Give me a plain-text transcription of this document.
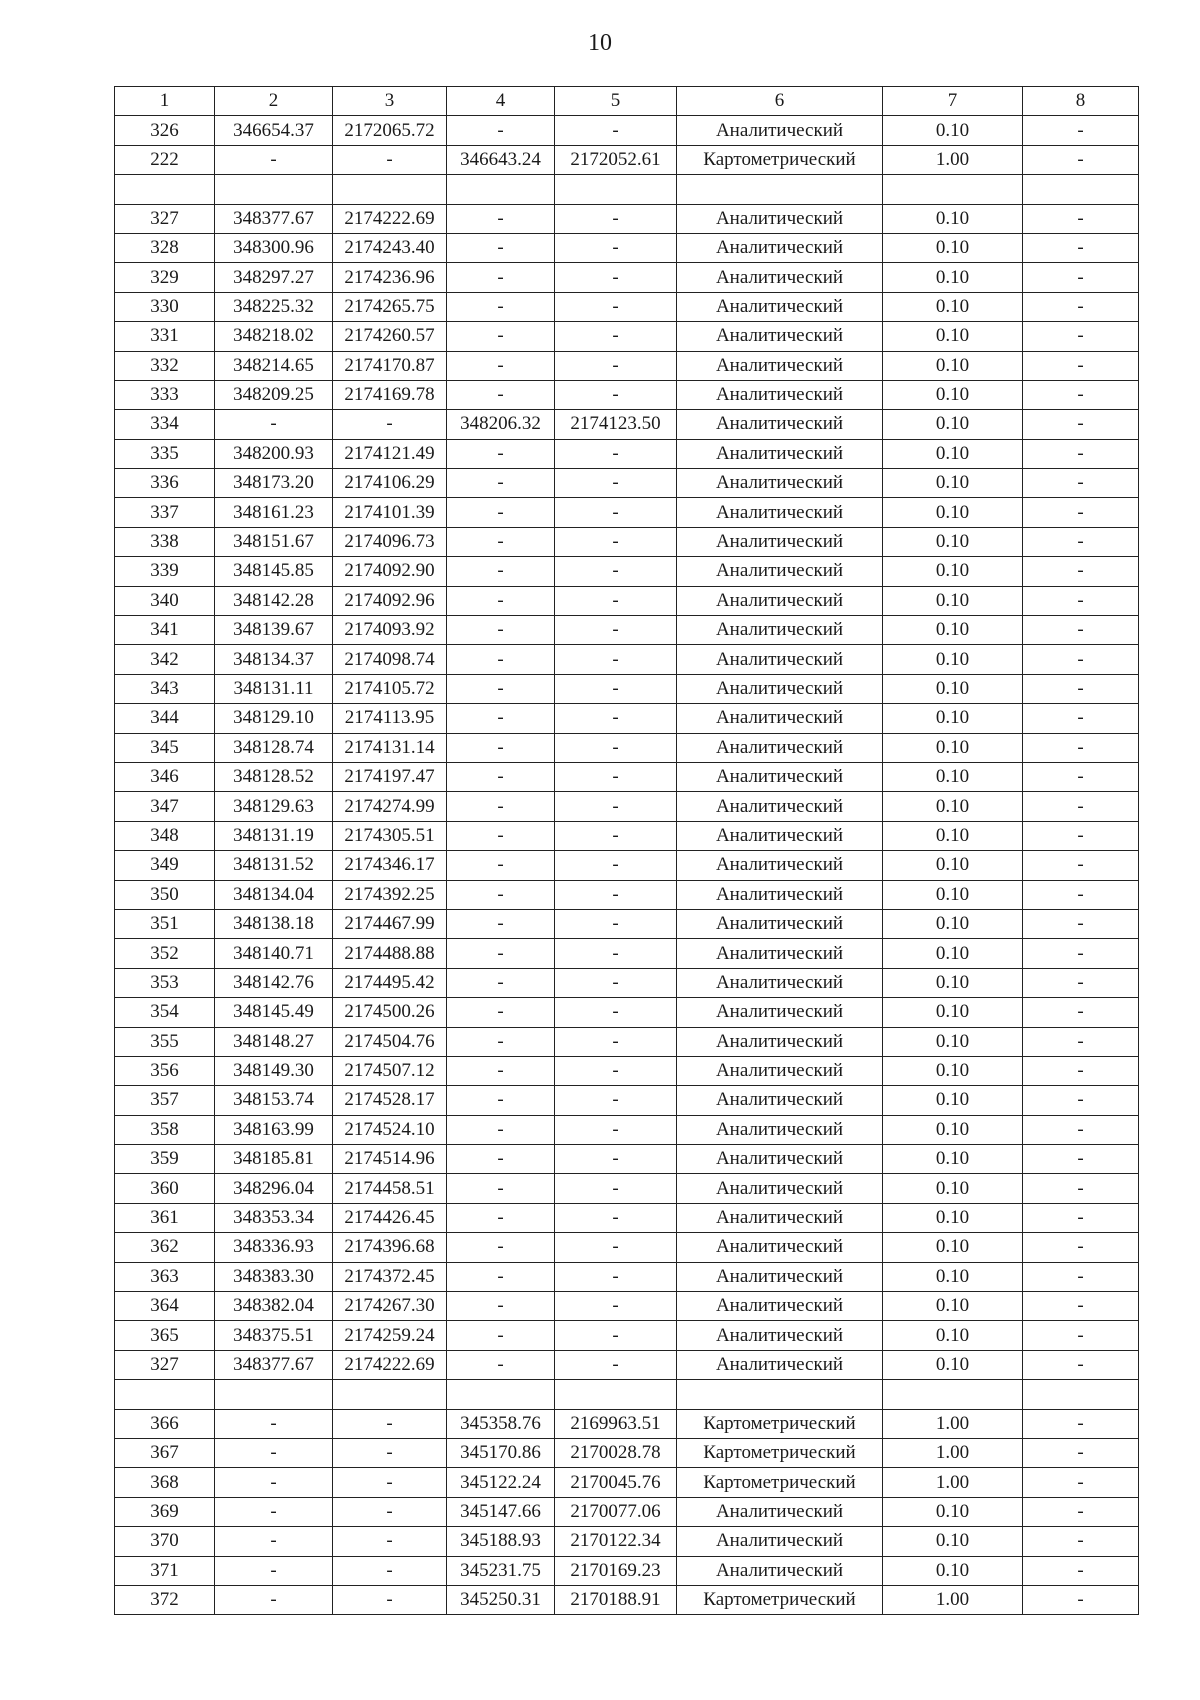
10
1	2	3	4	5	6	7	8
326	346654.37	2172065.72	-	-	Аналитический	0.10	-
222	-	-	346643.24	2172052.61	Картометрический	1.00	-

327	348377.67	2174222.69	-	-	Аналитический	0.10	-
328	348300.96	2174243.40	-	-	Аналитический	0.10	-
329	348297.27	2174236.96	-	-	Аналитический	0.10	-
330	348225.32	2174265.75	-	-	Аналитический	0.10	-
331	348218.02	2174260.57	-	-	Аналитический	0.10	-
332	348214.65	2174170.87	-	-	Аналитический	0.10	-
333	348209.25	2174169.78	-	-	Аналитический	0.10	-
334	-	-	348206.32	2174123.50	Аналитический	0.10	-
335	348200.93	2174121.49	-	-	Аналитический	0.10	-
336	348173.20	2174106.29	-	-	Аналитический	0.10	-
337	348161.23	2174101.39	-	-	Аналитический	0.10	-
338	348151.67	2174096.73	-	-	Аналитический	0.10	-
339	348145.85	2174092.90	-	-	Аналитический	0.10	-
340	348142.28	2174092.96	-	-	Аналитический	0.10	-
341	348139.67	2174093.92	-	-	Аналитический	0.10	-
342	348134.37	2174098.74	-	-	Аналитический	0.10	-
343	348131.11	2174105.72	-	-	Аналитический	0.10	-
344	348129.10	2174113.95	-	-	Аналитический	0.10	-
345	348128.74	2174131.14	-	-	Аналитический	0.10	-
346	348128.52	2174197.47	-	-	Аналитический	0.10	-
347	348129.63	2174274.99	-	-	Аналитический	0.10	-
348	348131.19	2174305.51	-	-	Аналитический	0.10	-
349	348131.52	2174346.17	-	-	Аналитический	0.10	-
350	348134.04	2174392.25	-	-	Аналитический	0.10	-
351	348138.18	2174467.99	-	-	Аналитический	0.10	-
352	348140.71	2174488.88	-	-	Аналитический	0.10	-
353	348142.76	2174495.42	-	-	Аналитический	0.10	-
354	348145.49	2174500.26	-	-	Аналитический	0.10	-
355	348148.27	2174504.76	-	-	Аналитический	0.10	-
356	348149.30	2174507.12	-	-	Аналитический	0.10	-
357	348153.74	2174528.17	-	-	Аналитический	0.10	-
358	348163.99	2174524.10	-	-	Аналитический	0.10	-
359	348185.81	2174514.96	-	-	Аналитический	0.10	-
360	348296.04	2174458.51	-	-	Аналитический	0.10	-
361	348353.34	2174426.45	-	-	Аналитический	0.10	-
362	348336.93	2174396.68	-	-	Аналитический	0.10	-
363	348383.30	2174372.45	-	-	Аналитический	0.10	-
364	348382.04	2174267.30	-	-	Аналитический	0.10	-
365	348375.51	2174259.24	-	-	Аналитический	0.10	-
327	348377.67	2174222.69	-	-	Аналитический	0.10	-

366	-	-	345358.76	2169963.51	Картометрический	1.00	-
367	-	-	345170.86	2170028.78	Картометрический	1.00	-
368	-	-	345122.24	2170045.76	Картометрический	1.00	-
369	-	-	345147.66	2170077.06	Аналитический	0.10	-
370	-	-	345188.93	2170122.34	Аналитический	0.10	-
371	-	-	345231.75	2170169.23	Аналитический	0.10	-
372	-	-	345250.31	2170188.91	Картометрический	1.00	-
